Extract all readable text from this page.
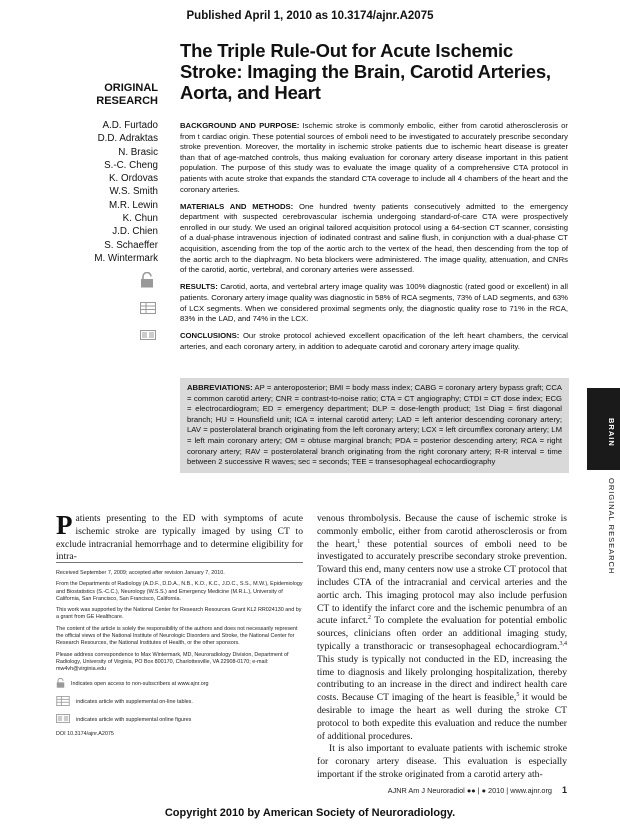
Published April 1, 2010 as 10.3174/ajnr.A2075
The Triple Rule-Out for Acute Ischemic Stroke: Imaging the Brain, Carotid Arteries, Aorta, and Heart
ORIGINAL
RESEARCH
A.D. Furtado
D.D. Adraktas
N. Brasic
S.-C. Cheng
K. Ordovas
W.S. Smith
M.R. Lewin
K. Chun
J.D. Chien
S. Schaeffer
M. Wintermark

BACKGROUND AND PURPOSE: Ischemic stroke is commonly embolic, either from carotid atherosclerosis or from t cardiac origin. These potential sources of emboli need to be investigated to accurately prescribe secondary stroke prevention. Moreover, the mortality in ischemic stroke patients due to ischemic heart disease is greater than that of age-matched controls, thus making evaluation for coronary artery disease important in this patient population. The purpose of this study was to evaluate the image quality of a comprehensive CTA protocol in patients with acute stroke that expands the standard CTA coverage to include all 4 chambers of the heart and the coronary arteries.

MATERIALS AND METHODS: One hundred twenty patients consecutively admitted to the emergency department with suspected cerebrovascular ischemia undergoing standard-of-care CTA were prospectively enrolled in our study. We used an original tailored acquisition protocol using a 64-section CT scanner, consisting of a dual-phase intravenous injection of iodinated contrast and saline flush, in conjunction with a dual-phase CT acquisition, ascending from the top of the aortic arch to the vertex of the head, then descending from the top of the aortic arch to the diaphragm. No beta blockers were administered. The image quality, attenuation, and CNRs of the carotid, aortic, vertebral, and coronary arteries were assessed.

RESULTS: Carotid, aorta, and vertebral artery image quality was 100% diagnostic (rated good or excellent) in all patients. Coronary artery image quality was diagnostic in 58% of RCA segments, 73% of LAD segments, and 63% of LCX segments. When we considered proximal segments only, the diagnostic quality rose to 71% in the RCA, 83% in the LAD, and 74% in the LCX.

CONCLUSIONS: Our stroke protocol achieved excellent opacification of the left heart chambers, the cervical arteries, and each coronary artery, in addition to adequate carotid and coronary artery image quality.

ABBREVIATIONS: AP = anteroposterior; BMI = body mass index; CABG = coronary artery bypass graft; CCA = common carotid artery; CNR = contrast-to-noise ratio; CTA = CT angiography; CTDI = CT dose index; ECG = electrocardiogram; ED = emergency department; DLP = dose-length product; 1st Diag = first diagonal branch; HU = Hounsfield unit; ICA = internal carotid artery; LAD = left anterior descending coronary artery; LAV = posterolateral branch originating from the left coronary artery; LCX = left circumflex coronary artery; LM = left main coronary artery; OM = obtuse marginal branch; PDA = posterior descending artery; RCA = right coronary artery; RAV = posterolateral branch originating from the right coronary artery; R-R interval = time between 2 successive R waves; sec = seconds; TEE = transesophageal echocardiography
BRAIN
ORIGINAL RESEARCH
Patients presenting to the ED with symptoms of acute ischemic stroke are typically imaged by using CT to exclude intracranial hemorrhage and to determine eligibility for intra-

Received September 7, 2009; accepted after revision January 7, 2010.

From the Departments of Radiology (A.D.F., D.D.A., N.B., K.O., K.C., J.D.C., S.S., M.W.), Epidemiology and Biostatistics (S.-C.C.), Neurology (W.S.S.) and Emergency Medicine (M.R.L.), University of California, San Francisco, San Francisco, California.

This work was supported by the National Center for Research Resources Grant KL2 RR024130 and by a grant from GE Healthcare.

The content of the article is solely the responsibility of the authors and does not necessarily represent the official views of the National Institute of Neurologic Disorders and Stroke, the National Center for Research Resources, the National Institutes of Health, or the other sponsors.

Please address correspondence to Max Wintermark, MD, Neuroradiology Division, Department of Radiology, University of Virginia, PO Box 800170, Charlottesville, VA 22908-0170; e-mail: mw4vh@virginia.edu

Indicates open access to non-subscribers at www.ajnr.org
indicates article with supplemental on-line tables.
indicates article with supplemental online figures

DOI 10.3174/ajnr.A2075

venous thrombolysis. Because the cause of ischemic stroke is commonly embolic, either from carotid atherosclerosis or from the heart,$^1$ these potential sources of emboli need to be investigated to accurately prescribe secondary stroke prevention. Toward this end, many centers now use a stroke CT protocol that includes CTA of the intracranial and cervical arteries and the aortic arch. This imaging protocol may also include perfusion CT to identify the infarct core and the ischemic penumbra of an acute infarct.$^2$ To complete the evaluation for potential embolic sources, clinicians often order an additional imaging study, typically a transthoracic or transesophageal echocardiogram.$^{3,4}$ This study is typically not conducted in the ED, increasing the time to diagnosis and likely prolonging hospitalization, thereby contributing to an increase in the direct and indirect health care costs. Because CT imaging of the heart is feasible,$^5$ it would be desirable to image the heart as well during the stroke CT protocol to both expedite this evaluation and reduce the number of additional procedures.

It is also important to evaluate patients with ischemic stroke for coronary artery disease. This evaluation is especially important if the stroke originated from a carotid artery ath-

AJNR Am J Neuroradiol ●● | ● 2010 | www.ajnr.org 1
Copyright 2010 by American Society of Neuroradiology.
